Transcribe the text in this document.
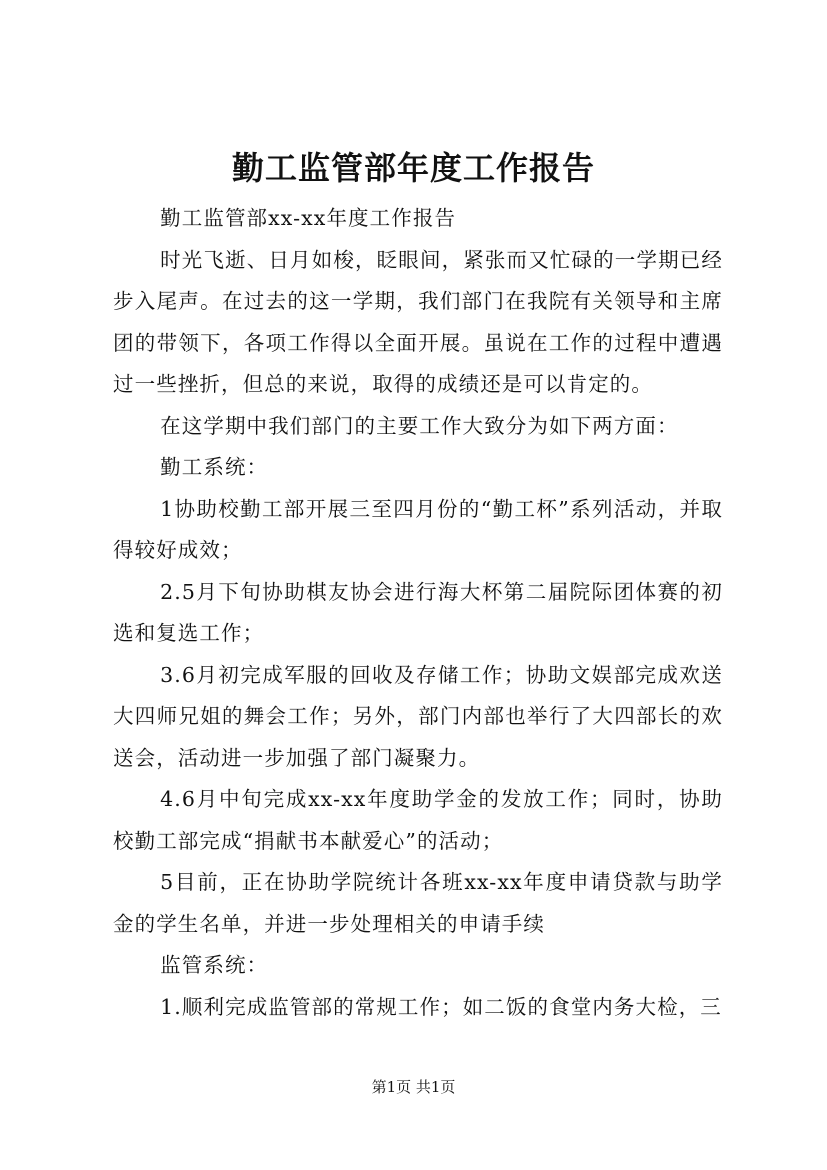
勤工监管部年度工作报告

勤工监管部xx-xx年度工作报告

时光飞逝、日月如梭，眨眼间，紧张而又忙碌的一学期已经步入尾声。在过去的这一学期，我们部门在我院有关领导和主席团的带领下，各项工作得以全面开展。虽说在工作的过程中遭遇过一些挫折，但总的来说，取得的成绩还是可以肯定的。

在这学期中我们部门的主要工作大致分为如下两方面：

勤工系统：

1协助校勤工部开展三至四月份的“勤工杯”系列活动，并取得较好成效；

2.5月下旬协助棋友协会进行海大杯第二届院际团体赛的初选和复选工作；

3.6月初完成军服的回收及存储工作；协助文娱部完成欢送大四师兄姐的舞会工作；另外，部门内部也举行了大四部长的欢送会，活动进一步加强了部门凝聚力。

4.6月中旬完成xx-xx年度助学金的发放工作；同时，协助校勤工部完成“捐献书本献爱心”的活动；

5目前，正在协助学院统计各班xx-xx年度申请贷款与助学金的学生名单，并进一步处理相关的申请手续

监管系统：

1.顺利完成监管部的常规工作；如二饭的食堂内务大检，三

第1页 共1页
